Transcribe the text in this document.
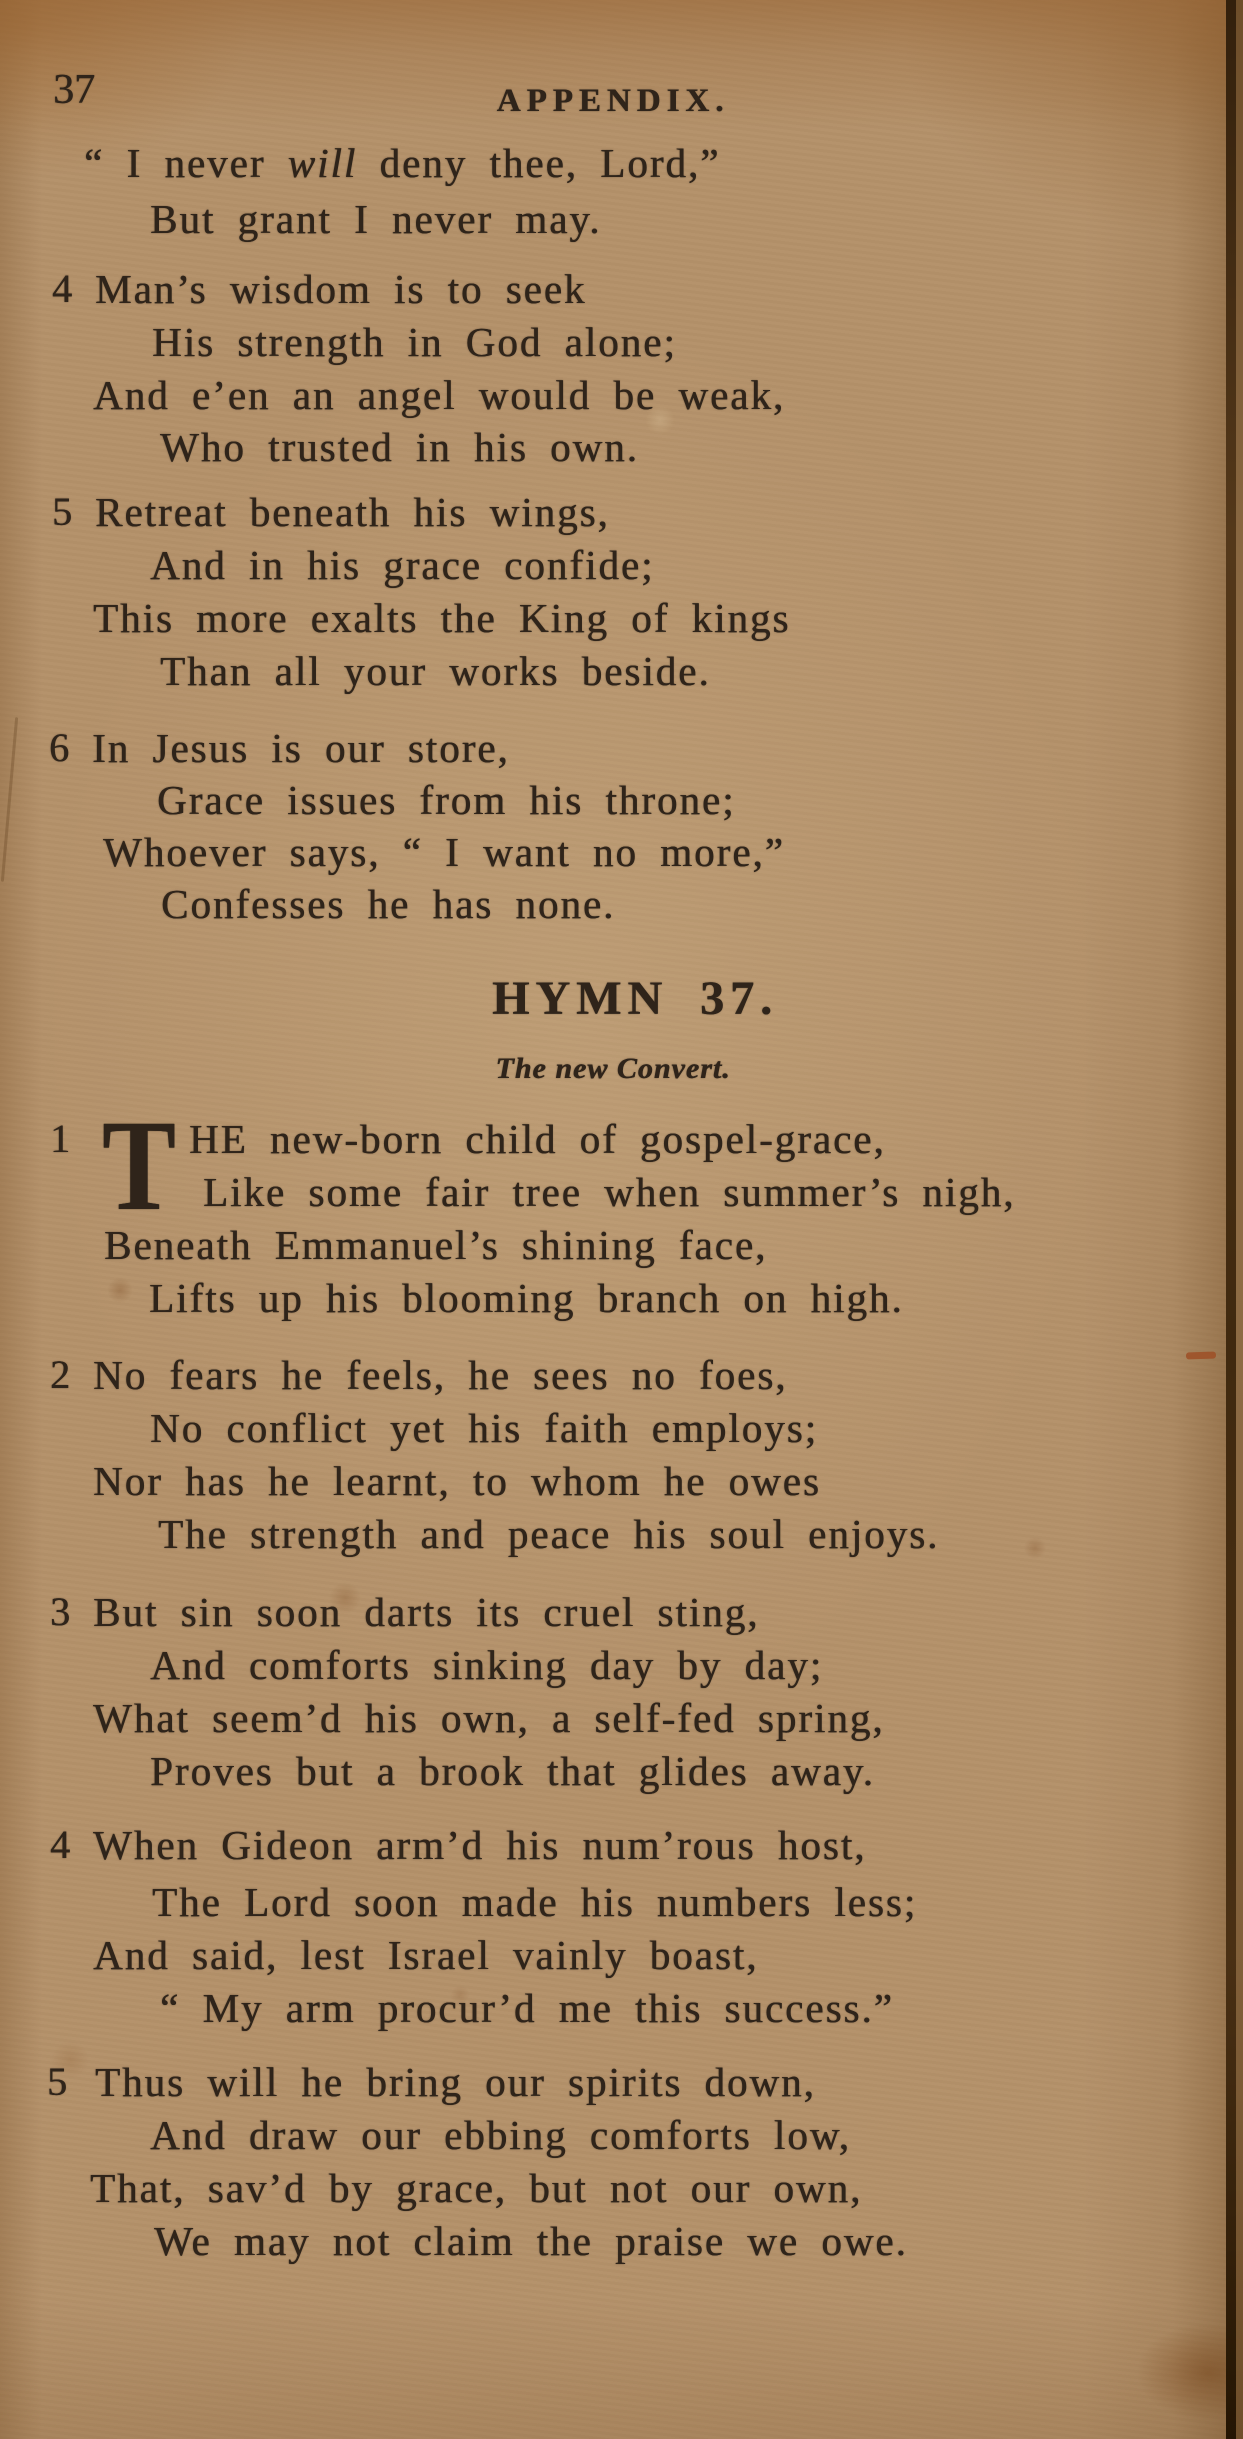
37	APPENDIX.
“ I never will deny thee, Lord,”
But grant I never may.
4 Man’s wisdom is to seek
His strength in God alone;
And e’en an angel would be weak,
Who trusted in his own.
5 Retreat beneath his wings,
And in his grace confide;
This more exalts the King of kings
Than all your works beside.
6 In Jesus is our store,
Grace issues from his throne;
Whoever says, “ I want no more,”
Confesses he has none.
HYMN 37.
The new Convert.
1 T HE new-born child of gospel-grace,
Like some fair tree when summer’s nigh,
Beneath Emmanuel’s shining face,
Lifts up his blooming branch on high.
2 No fears he feels, he sees no foes,
No conflict yet his faith employs;
Nor has he learnt, to whom he owes
The strength and peace his soul enjoys.
3 But sin soon darts its cruel sting,
And comforts sinking day by day;
What seem’d his own, a self-fed spring,
Proves but a brook that glides away.
4 When Gideon arm’d his num’rous host,
The Lord soon made his numbers less;
And said, lest Israel vainly boast,
“ My arm procur’d me this success.”
5 Thus will he bring our spirits down,
And draw our ebbing comforts low,
That, sav’d by grace, but not our own,
We may not claim the praise we owe.
